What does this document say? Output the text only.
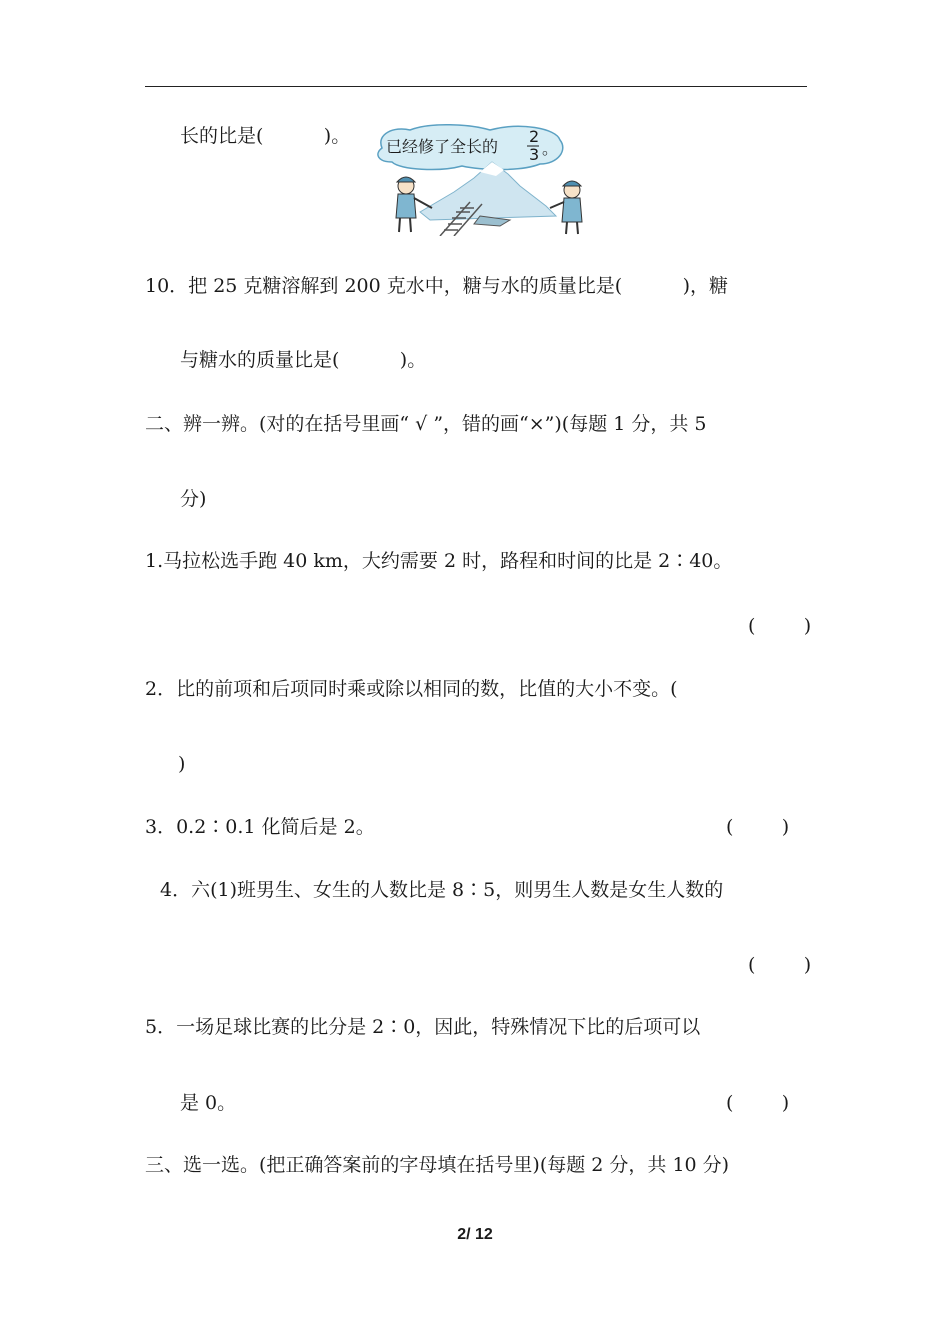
长的比是(          )。 已经修了全长的
2
3 。
10．把 25 克糖溶解到 200 克水中，糖与水的质量比是(          )，糖
与糖水的质量比是(          )。
二、辨一辨。(对的在括号里画“ √ ”，错的画“×”)(每题 1 分，共 5
分)
1.马拉松选手跑 40 km，大约需要 2 时，路程和时间的比是 2∶40。
(        )
2．比的前项和后项同时乘或除以相同的数，比值的大小不变。(
)
3．0.2∶0.1 化简后是 2。	(        )
4．六(1)班男生、女生的人数比是 8∶5，则男生人数是女生人数的
(        )
5．一场足球比赛的比分是 2∶0，因此，特殊情况下比的后项可以
是 0。	(        )
三、选一选。(把正确答案前的字母填在括号里)(每题 2 分，共 10 分)
2/ 12
